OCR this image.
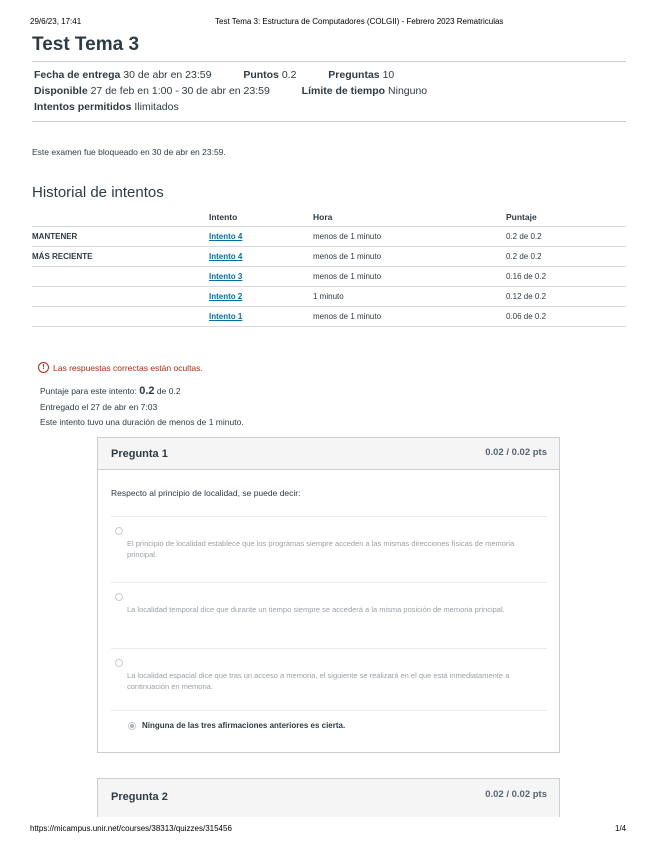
29/6/23, 17:41	Test Tema 3: Estructura de Computadores (COLGII) - Febrero 2023 Rematriculas
Test Tema 3
Fecha de entrega 30 de abr en 23:59	Puntos 0.2	Preguntas 10
Disponible 27 de feb en 1:00 - 30 de abr en 23:59	Límite de tiempo Ninguno
Intentos permitidos Ilimitados
Este examen fue bloqueado en 30 de abr en 23:59.
Historial de intentos
	Intento	Hora	Puntaje
MANTENER	Intento 4	menos de 1 minuto	0.2 de 0.2
MÁS RECIENTE	Intento 4	menos de 1 minuto	0.2 de 0.2
	Intento 3	menos de 1 minuto	0.16 de 0.2
	Intento 2	1 minuto	0.12 de 0.2
	Intento 1	menos de 1 minuto	0.06 de 0.2
! Las respuestas correctas están ocultas.
Puntaje para este intento: 0.2 de 0.2
Entregado el 27 de abr en 7:03
Este intento tuvo una duración de menos de 1 minuto.
Pregunta 1	0.02 / 0.02 pts
Respecto al principio de localidad, se puede decir:
El principio de localidad establece que los programas siempre acceden a las mismas direcciones físicas de memoria principal.
La localidad temporal dice que durante un tiempo siempre se accederá a la misma posición de memoria principal.
La localidad espacial dice que tras un acceso a memoria, el siguiente se realizará en el que está inmediatamente a continuación en memoria.
Ninguna de las tres afirmaciones anteriores es cierta.
Pregunta 2	0.02 / 0.02 pts
https://micampus.unir.net/courses/38313/quizzes/315456	1/4
